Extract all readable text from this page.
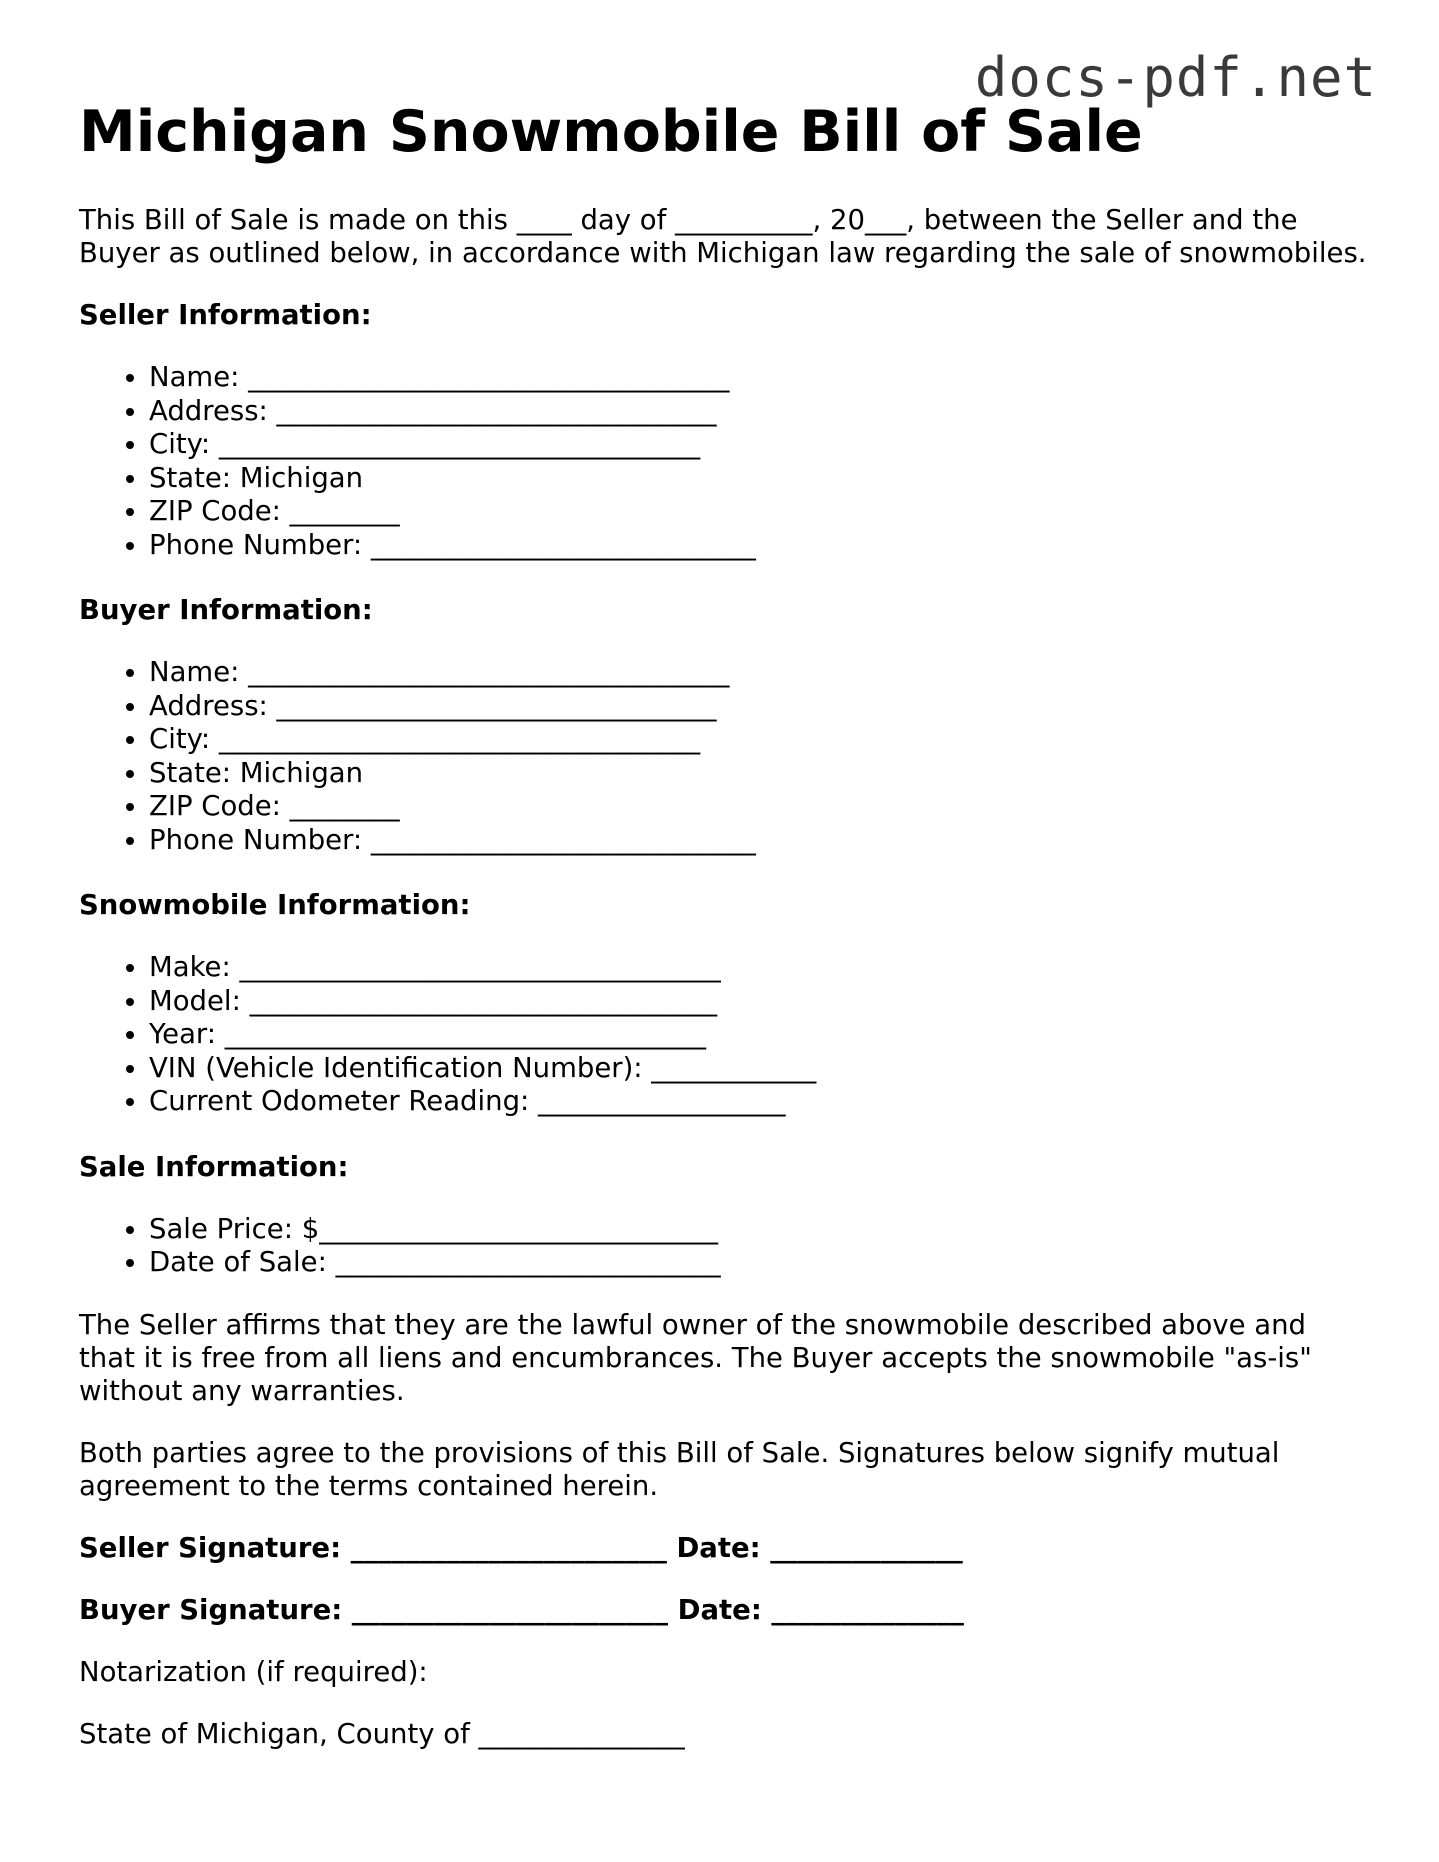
docs-pdf.net
Michigan Snowmobile Bill of Sale

This Bill of Sale is made on this ____ day of __________, 20___, between the Seller and the Buyer as outlined below, in accordance with Michigan law regarding the sale of snowmobiles.

Seller Information:
• Name: ___________________________________
• Address: ________________________________
• City: ___________________________________
• State: Michigan
• ZIP Code: ________
• Phone Number: ____________________________
Buyer Information:
• Name: ___________________________________
• Address: ________________________________
• City: ___________________________________
• State: Michigan
• ZIP Code: ________
• Phone Number: ____________________________
Snowmobile Information:
• Make: ___________________________________
• Model: __________________________________
• Year: ___________________________________
• VIN (Vehicle Identification Number): ____________
• Current Odometer Reading: __________________
Sale Information:
• Sale Price: $_____________________________
• Date of Sale: ____________________________

The Seller affirms that they are the lawful owner of the snowmobile described above and that it is free from all liens and encumbrances. The Buyer accepts the snowmobile "as-is" without any warranties.

Both parties agree to the provisions of this Bill of Sale. Signatures below signify mutual agreement to the terms contained herein.

Seller Signature: _______________________ Date: ______________
Buyer Signature: _______________________ Date: ______________
Notarization (if required):
State of Michigan, County of _______________
